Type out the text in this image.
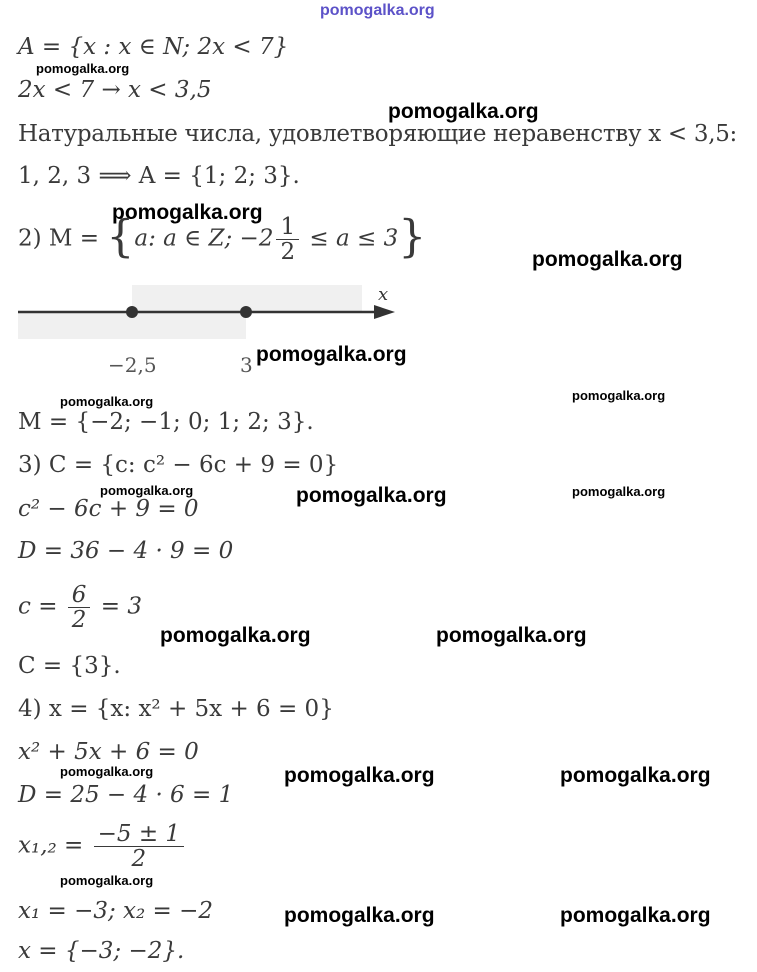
pomogalka.org
A = {x : x ∈ N; 2x < 7}
pomogalka.org
2x < 7 → x < 3,5
pomogalka.org
Натуральные числа, удовлетворяющие неравенству x < 3,5:
1, 2, 3 ⟹ A = {1; 2; 3}.
pomogalka.org
2) M = {a: a ∈ Z; $-2 \frac{1}{2} \le a \le 3$}	pomogalka.org
x
−2,5	3 pomogalka.org
pomogalka.org	pomogalka.org
M = {−2; −1; 0; 1; 2; 3}.
3) C = {c: c² − 6c + 9 = 0}
pomogalka.org	pomogalka.org	pomogalka.org
c² − 6c + 9 = 0
D = 36 − 4 · 9 = 0
$c = \frac{6}{2} = 3$
pomogalka.org	pomogalka.org
C = {3}.
4) x = {x: x² + 5x + 6 = 0}
x² + 5x + 6 = 0
pomogalka.org	pomogalka.org	pomogalka.org
D = 25 − 4 · 6 = 1
$x_1,_2 = \frac{-5 \pm 1}{2}$
pomogalka.org
x₁ = −3; x₂ = −2	pomogalka.org	pomogalka.org
x = {−3; −2}.
